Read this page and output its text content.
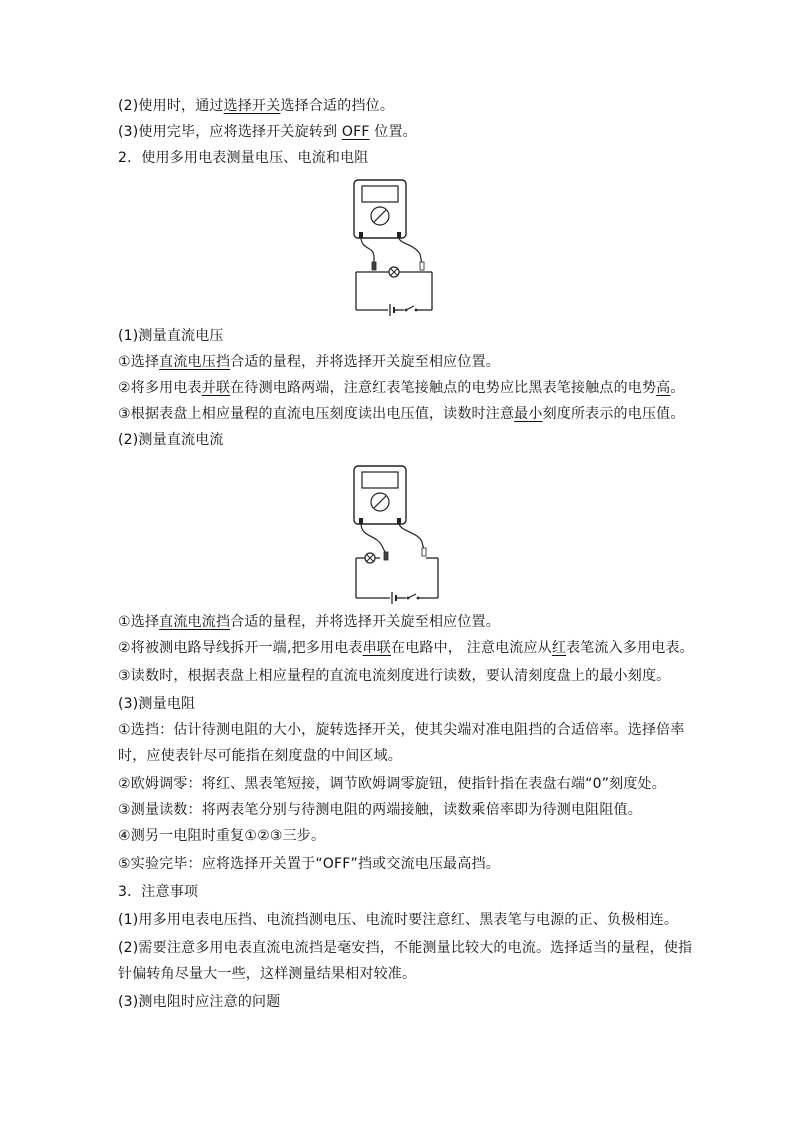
(2)使用时，通过选择开关选择合适的挡位。
(3)使用完毕，应将选择开关旋转到 OFF 位置。
2．使用多用电表测量电压、电流和电阻
(1)测量直流电压
①选择直流电压挡合适的量程，并将选择开关旋至相应位置。
②将多用电表并联在待测电路两端，注意红表笔接触点的电势应比黑表笔接触点的电势高。
③根据表盘上相应量程的直流电压刻度读出电压值，读数时注意最小刻度所表示的电压值。
(2)测量直流电流
①选择直流电流挡合适的量程，并将选择开关旋至相应位置。
②将被测电路导线拆开一端,把多用电表串联在电路中， 注意电流应从红表笔流入多用电表。
③读数时，根据表盘上相应量程的直流电流刻度进行读数，要认清刻度盘上的最小刻度。
(3)测量电阻
①选挡：估计待测电阻的大小，旋转选择开关，使其尖端对准电阻挡的合适倍率。选择倍率
时，应使表针尽可能指在刻度盘的中间区域。
②欧姆调零：将红、黑表笔短接，调节欧姆调零旋钮，使指针指在表盘右端“0”刻度处。
③测量读数：将两表笔分别与待测电阻的两端接触，读数乘倍率即为待测电阻阻值。
④测另一电阻时重复①②③三步。
⑤实验完毕：应将选择开关置于“OFF”挡或交流电压最高挡。
3．注意事项
(1)用多用电表电压挡、电流挡测电压、电流时要注意红、黑表笔与电源的正、负极相连。
(2)需要注意多用电表直流电流挡是毫安挡，不能测量比较大的电流。选择适当的量程，使指
针偏转角尽量大一些，这样测量结果相对较准。
(3)测电阻时应注意的问题
